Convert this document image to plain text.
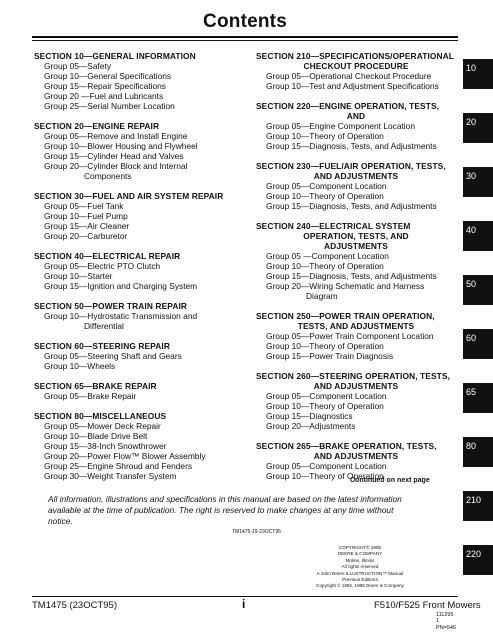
Contents
SECTION 10—GENERAL INFORMATION
Group 05—Safety
Group 10—General Specifications
Group 15—Repair Specifications
Group 20 —Fuel and Lubricants
Group 25—Serial Number Location
SECTION 20—ENGINE REPAIR
Group 05—Remove and Install Engine
Group 10—Blower Housing and Flywheel
Group 15—Cylinder Head and Valves
Group 20—Cylinder Block and Internal
Components
SECTION 30—FUEL AND AIR SYSTEM REPAIR
Group 05—Fuel Tank
Group 10—Fuel Pump
Group 15—Air Cleaner
Group 20—Carburetor
SECTION 40—ELECTRICAL REPAIR
Group 05—Electric PTO Clutch
Group 10—Starter
Group 15—Ignition and Charging System
SECTION 50—POWER TRAIN REPAIR
Group 10—Hydrostatic Transmission and
Differential
SECTION 60—STEERING REPAIR
Group 05—Steering Shaft and Gears
Group 10—Wheels
SECTION 65—BRAKE REPAIR
Group 05—Brake Repair
SECTION 80—MISCELLANEOUS
Group 05—Mower Deck Repair
Group 10—Blade Drive Belt
Group 15—38-Inch Snowthrower
Group 20—Power Flow™ Blower Assembly
Group 25—Engine Shroud and Fenders
Group 30—Weight Transfer System
SECTION 210—SPECIFICATIONS/OPERATIONAL
CHECKOUT PROCEDURE
Group 05—Operational Checkout Procedure
Group 10—Test and Adjustment Specifications
SECTION 220—ENGINE OPERATION, TESTS,
AND
Group 05—Engine Component Location
Group 10—Theory of Operation
Group 15—Diagnosis, Tests, and Adjustments
SECTION 230—FUEL/AIR OPERATION, TESTS,
AND ADJUSTMENTS
Group 05—Component Location
Group 10—Theory of Operation
Group 15—Diagnosis, Tests, and Adjustments
SECTION 240—ELECTRICAL SYSTEM
OPERATION, TESTS, AND
ADJUSTMENTS
Group 05 —Component Location
Group 10—Theory of Operation
Group 15—Diagnosis, Tests, and Adjustments
Group 20—Wiring Schematic and Harness
Diagram
SECTION 250—POWER TRAIN OPERATION,
TESTS, AND ADJUSTMENTS
Group 05—Power Train Component Location
Group 10—Theory of Operation
Group 15—Power Train Diagnosis
SECTION 260—STEERING OPERATION, TESTS,
AND ADJUSTMENTS
Group 05—Component Location
Group 10—Theory of Operation
Group 15—Diagnostics
Group 20—Adjustments
SECTION 265—BRAKE OPERATION, TESTS,
AND ADJUSTMENTS
Group 05—Component Location
Group 10—Theory of Operation
Continued on next page
All information, illustrations and specifications in this manual are based on the latest information available at the time of publication. The right is reserved to make changes at any time without notice.
TM1475-19-23OCT95
COPYRIGHT© 1995
DEERE & COMPANY
Moline, Illinois
All rights reserved
A John Deere ILLUSTRUCTION™ Manual
Previous Editions
Copyright © 1992, 1989 Deere & Company
TM1475 (23OCT95)	i	F510/F525 Front Mowers
111295
1
PN=546
10
20
30
40
50
60
65
80
210
220
